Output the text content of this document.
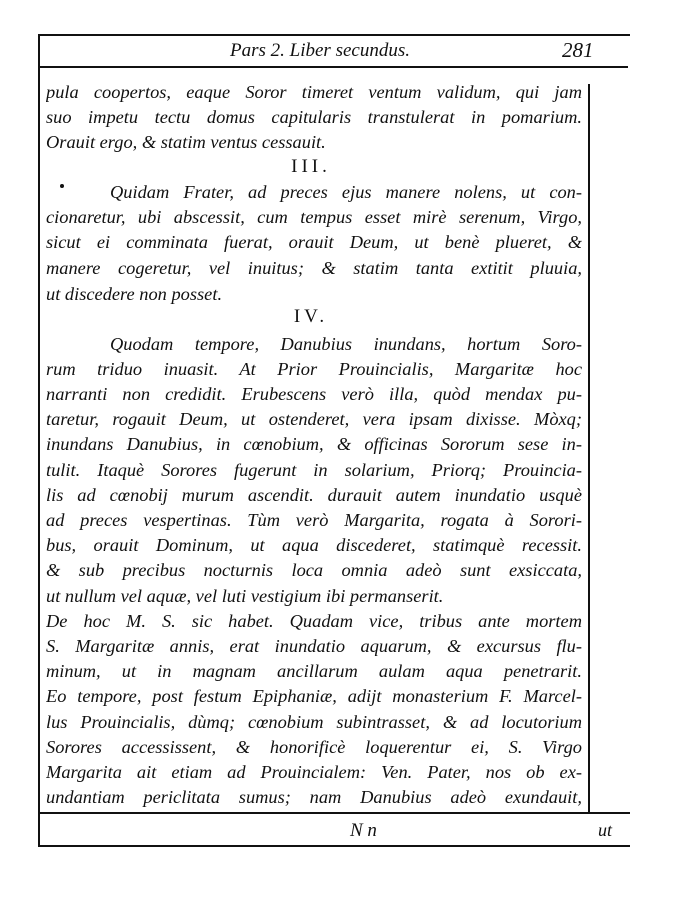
Pars 2. Liber secundus.	281
pula coopertos, eaque Soror timeret ventum validum, qui jam
suo impetu tectu domus capitularis transtulerat in pomarium.
Orauit ergo, & statim ventus cessauit.
III.
Quidam Frater, ad preces ejus manere nolens, ut con-
cionaretur, ubi abscessit, cum tempus esset mirè serenum, Virgo,
sicut ei comminata fuerat, orauit Deum, ut benè plueret, &
manere cogeretur, vel inuitus; & statim tanta extitit pluuia,
ut discedere non posset.
IV.
Quodam tempore, Danubius inundans, hortum Soro-
rum triduo inuasit. At Prior Prouincialis, Margaritæ hoc
narranti non credidit. Erubescens verò illa, quòd mendax pu-
taretur, rogauit Deum, ut ostenderet, vera ipsam dixisse. Mòxq;
inundans Danubius, in cœnobium, & officinas Sororum sese in-
tulit. Itaquè Sorores fugerunt in solarium, Priorq; Prouincia-
lis ad cœnobij murum ascendit. durauit autem inundatio usquè
ad preces vespertinas. Tùm verò Margarita, rogata à Sorori-
bus, orauit Dominum, ut aqua discederet, statimquè recessit.
& sub precibus nocturnis loca omnia adeò sunt exsiccata,
ut nullum vel aquæ, vel luti vestigium ibi permanserit.
De hoc M. S. sic habet. Quadam vice, tribus ante mortem
S. Margaritæ annis, erat inundatio aquarum, & excursus flu-
minum, ut in magnam ancillarum aulam aqua penetrarit.
Eo tempore, post festum Epiphaniæ, adijt monasterium F. Marcel-
lus Prouincialis, dùmq; cœnobium subintrasset, & ad locutorium
Sorores accessissent, & honorificè loquerentur ei, S. Virgo
Margarita ait etiam ad Prouincialem: Ven. Pater, nos ob ex-
undantiam periclitata sumus; nam Danubius adeò exundauit,
N n	ut
